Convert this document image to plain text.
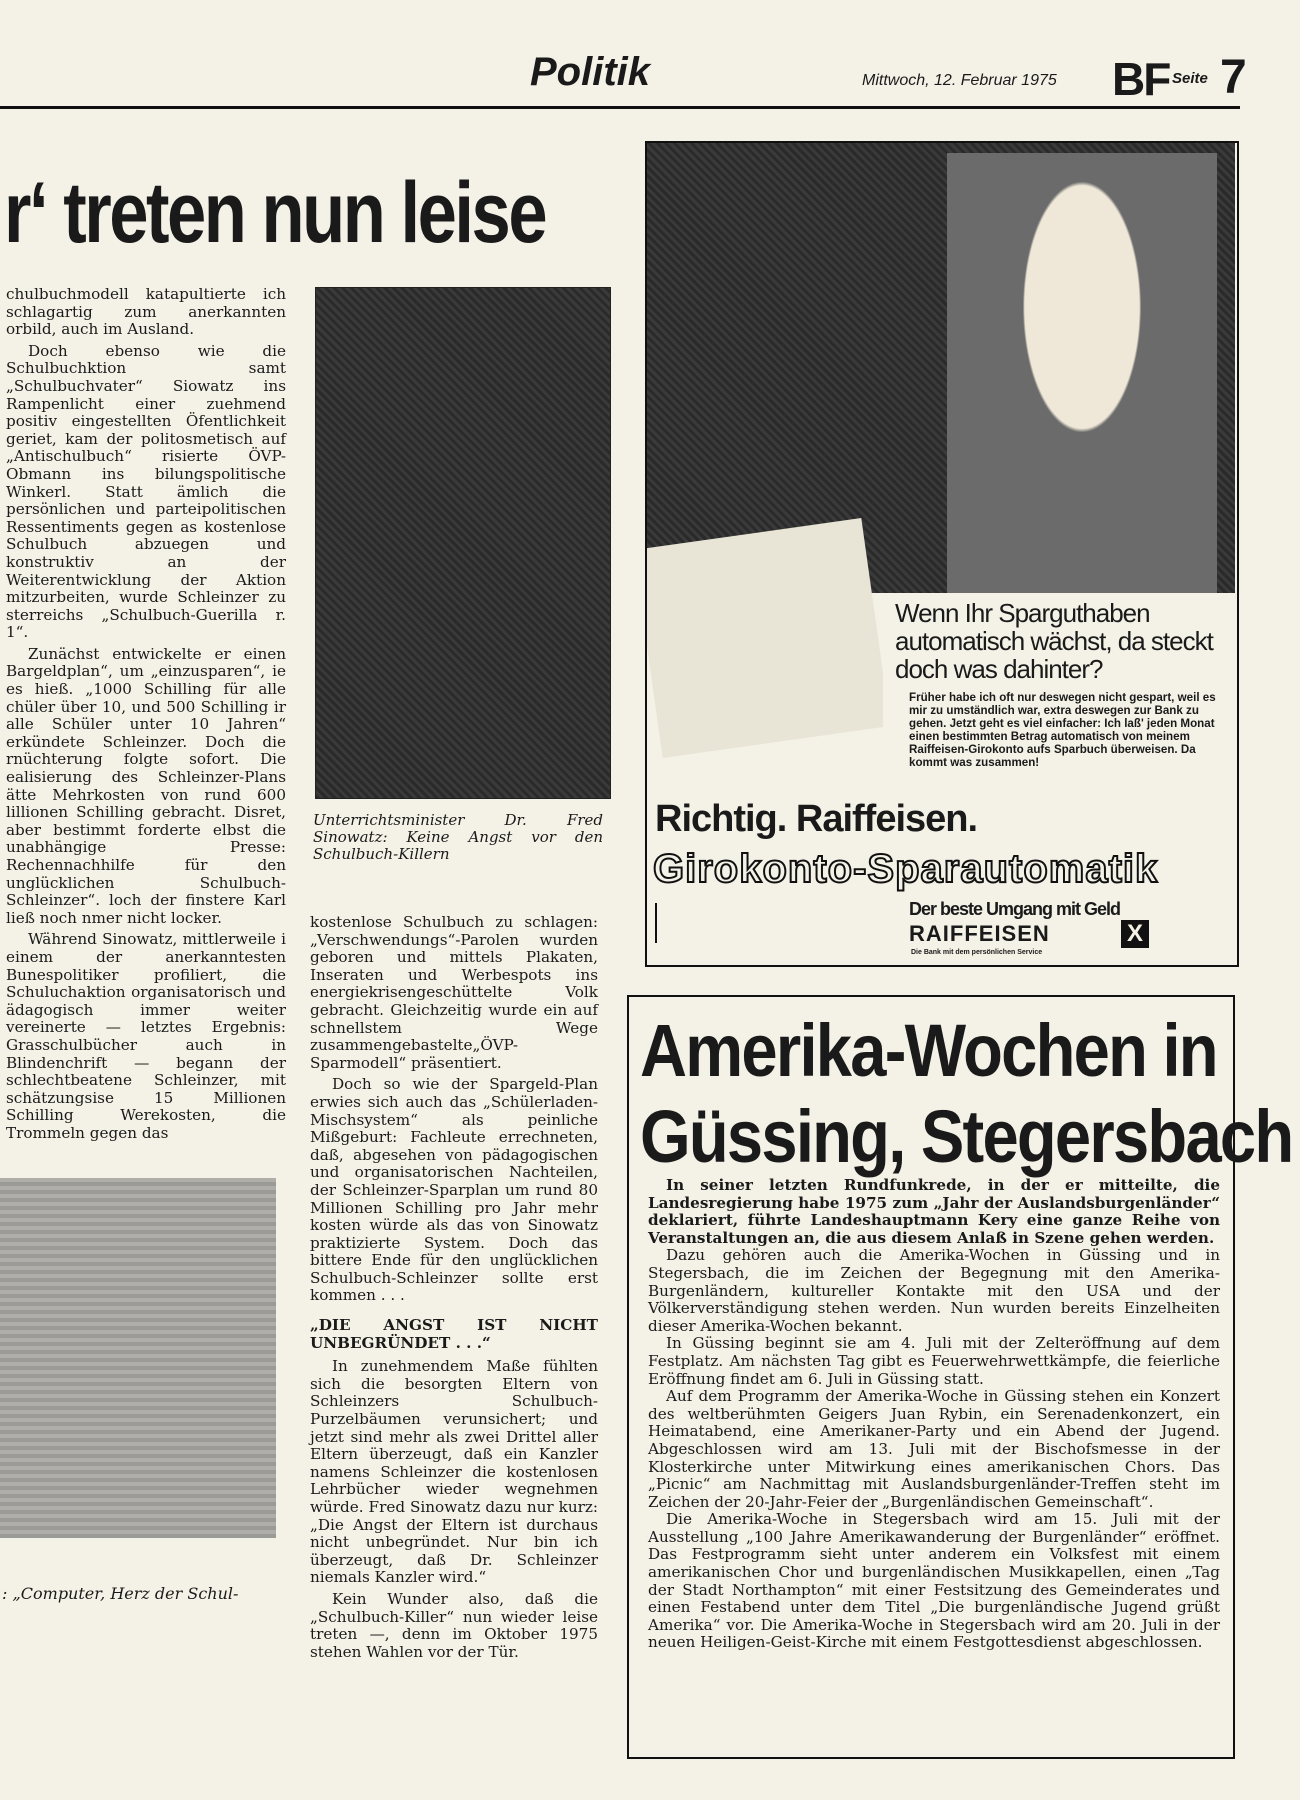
Politik	Mittwoch, 12. Februar 1975 BF Seite 7
r‘ treten nun leise

chulbuchmodell katapultierte ich schlagartig zum anerkannten orbild, auch im Ausland.

Doch ebenso wie die Schulbuchktion samt „Schulbuchvater“ Siowatz ins Rampenlicht einer zuehmend positiv eingestellten Öfentlichkeit geriet, kam der politosmetisch auf „Antischulbuch“ risierte ÖVP-Obmann ins bilungspolitische Winkerl. Statt ämlich die persönlichen und parteipolitischen Ressentiments gegen as kostenlose Schulbuch abzuegen und konstruktiv an der Weiterentwicklung der Aktion mitzurbeiten, wurde Schleinzer zu sterreichs „Schulbuch-Guerilla r. 1“.

Zunächst entwickelte er einen Bargeldplan“, um „einzusparen“, ie es hieß. „1000 Schilling für alle chüler über 10, und 500 Schilling ir alle Schüler unter 10 Jahren“ erkündete Schleinzer. Doch die rnüchterung folgte sofort. Die ealisierung des Schleinzer-Plans ätte Mehrkosten von rund 600 lillionen Schilling gebracht. Disret, aber bestimmt forderte elbst die unabhängige Presse: Rechennachhilfe für den unglücklichen Schulbuch-Schleinzer“. loch der finstere Karl ließ noch nmer nicht locker.

Während Sinowatz, mittlerweile i einem der anerkanntesten Bunespolitiker profiliert, die Schuluchaktion organisatorisch und ädagogisch immer weiter vereinerte — letztes Ergebnis: Grasschulbücher auch in Blindenchrift — begann der schlechtbeatene Schleinzer, mit schätzungsise 15 Millionen Schilling Werekosten, die Trommeln gegen das

Unterrichtsminister Dr. Fred Sinowatz: Keine Angst vor den Schulbuch-Killern

kostenlose Schulbuch zu schlagen: „Verschwendungs“-Parolen wurden geboren und mittels Plakaten, Inseraten und Werbespots ins energiekrisengeschüttelte Volk gebracht. Gleichzeitig wurde ein auf schnellstem Wege zusammengebastelte„ÖVP-Sparmodell“ präsentiert.

Doch so wie der Spargeld-Plan erwies sich auch das „Schülerladen-Mischsystem“ als peinliche Mißgeburt: Fachleute errechneten, daß, abgesehen von pädagogischen und organisatorischen Nachteilen, der Schleinzer-Sparplan um rund 80 Millionen Schilling pro Jahr mehr kosten würde als das von Sinowatz praktizierte System. Doch das bittere Ende für den unglücklichen Schulbuch-Schleinzer sollte erst kommen . . .

„DIE ANGST IST NICHT UNBEGRÜNDET . . .“

In zunehmendem Maße fühlten sich die besorgten Eltern von Schleinzers Schulbuch-Purzelbäumen verunsichert; und jetzt sind mehr als zwei Drittel aller Eltern überzeugt, daß ein Kanzler namens Schleinzer die kostenlosen Lehrbücher wieder wegnehmen würde. Fred Sinowatz dazu nur kurz: „Die Angst der Eltern ist durchaus nicht unbegründet. Nur bin ich überzeugt, daß Dr. Schleinzer niemals Kanzler wird.“

Kein Wunder also, daß die „Schulbuch-Killer“ nun wieder leise treten —, denn im Oktober 1975 stehen Wahlen vor der Tür.

: „Computer, Herz der Schul-
Wenn Ihr Sparguthaben automatisch wächst, da steckt doch was dahinter?
Früher habe ich oft nur deswegen nicht gespart, weil es mir zu umständlich war, extra deswegen zur Bank zu gehen. Jetzt geht es viel einfacher: Ich laß' jeden Monat einen bestimmten Betrag automatisch von meinem Raiffeisen-Girokonto aufs Sparbuch überweisen. Da kommt was zusammen!
Richtig. Raiffeisen.
Girokonto-Sparautomatik
Der beste Umgang mit Geld
RAIFFEISEN	X
Die Bank mit dem persönlichen Service
Amerika-Wochen in
Güssing, Stegersbach

In seiner letzten Rundfunkrede, in der er mitteilte, die Landesregierung habe 1975 zum „Jahr der Auslandsburgenländer“ deklariert, führte Landeshauptmann Kery eine ganze Reihe von Veranstaltungen an, die aus diesem Anlaß in Szene gehen werden.

Dazu gehören auch die Amerika-Wochen in Güssing und in Stegersbach, die im Zeichen der Begegnung mit den Amerika-Burgenländern, kultureller Kontakte mit den USA und der Völkerverständigung stehen werden. Nun wurden bereits Einzelheiten dieser Amerika-Wochen bekannt.

In Güssing beginnt sie am 4. Juli mit der Zelteröffnung auf dem Festplatz. Am nächsten Tag gibt es Feuerwehrwettkämpfe, die feierliche Eröffnung findet am 6. Juli in Güssing statt.

Auf dem Programm der Amerika-Woche in Güssing stehen ein Konzert des weltberühmten Geigers Juan Rybin, ein Serenadenkonzert, ein Heimatabend, eine Amerikaner-Party und ein Abend der Jugend. Abgeschlossen wird am 13. Juli mit der Bischofsmesse in der Klosterkirche unter Mitwirkung eines amerikanischen Chors. Das „Picnic“ am Nachmittag mit Auslandsburgenländer-Treffen steht im Zeichen der 20-Jahr-Feier der „Burgenländischen Gemeinschaft“.

Die Amerika-Woche in Stegersbach wird am 15. Juli mit der Ausstellung „100 Jahre Amerikawanderung der Burgenländer“ eröffnet. Das Festprogramm sieht unter anderem ein Volksfest mit einem amerikanischen Chor und burgenländischen Musikkapellen, einen „Tag der Stadt Northampton“ mit einer Festsitzung des Gemeinderates und einen Festabend unter dem Titel „Die burgenländische Jugend grüßt Amerika“ vor. Die Amerika-Woche in Stegersbach wird am 20. Juli in der neuen Heiligen-Geist-Kirche mit einem Festgottesdienst abgeschlossen.
